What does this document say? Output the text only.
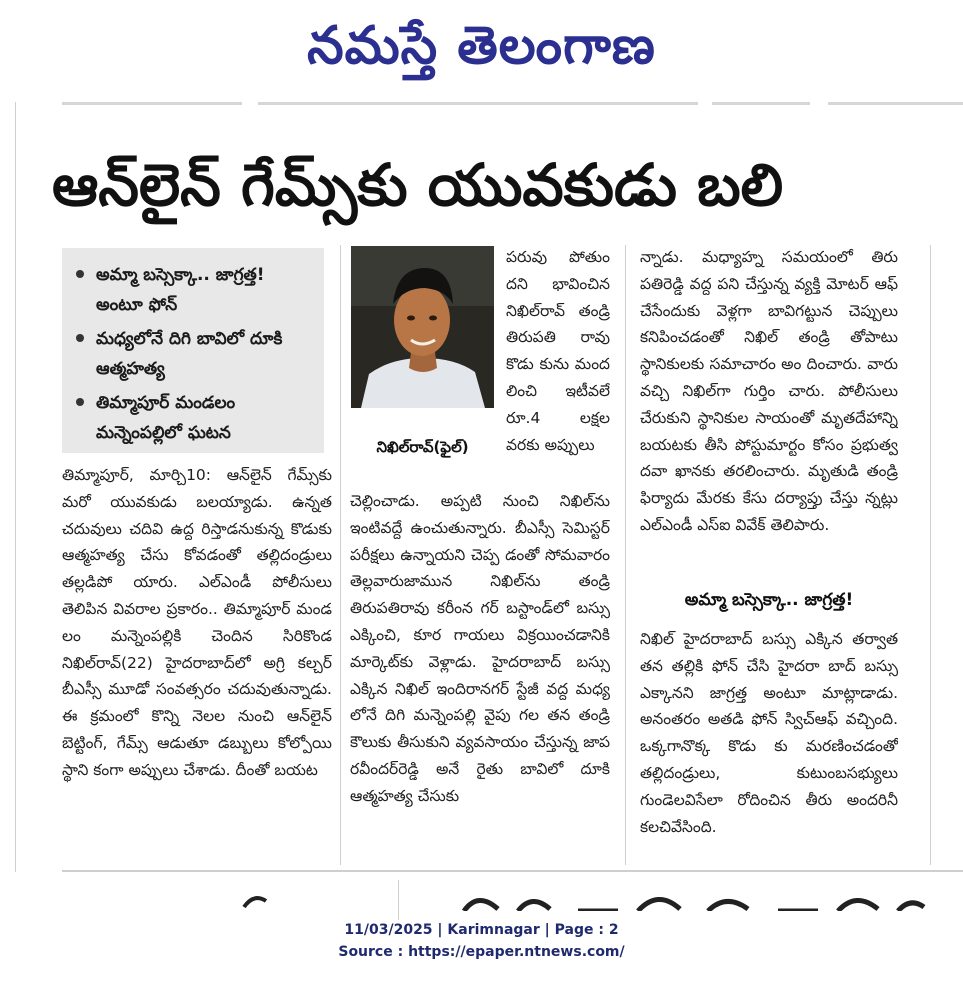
నమస్తే తెలంగాణ
ఆన్‌లైన్ గేమ్స్‌కు యువకుడు బలి
అమ్మా బస్సెక్కా.. జాగ్రత్త! అంటూ ఫోన్
మధ్యలోనే దిగి బావిలో దూకి ఆత్మహత్య
తిమ్మాపూర్ మండలం మన్నెంపల్లిలో ఘటన
నిఖిల్‌రావ్(ఫైల్)

తిమ్మాపూర్, మార్చి10: ఆన్‌లైన్ గేమ్స్‌కు మరో యువకుడు బలయ్యాడు. ఉన్నత చదువులు చదివి ఉద్ద రిస్తాడనుకున్న కొడుకు ఆత్మహత్య చేసు కోవడంతో తల్లిదండ్రులు తల్లడిపో యారు. ఎల్ఎండీ పోలీసులు తెలిపిన వివరాల ప్రకారం.. తిమ్మాపూర్ మండ లం మన్నెంపల్లికి చెందిన సిరికొండ నిఖిల్‌రావ్(22) హైదరాబాద్‌లో అగ్రి కల్చర్ బీఎస్సీ మూడో సంవత్సరం చదువుతున్నాడు. ఈ క్రమంలో కొన్ని నెలల నుంచి ఆన్‌లైన్ బెట్టింగ్, గేమ్స్ ఆడుతూ డబ్బులు కోల్పోయి స్థాని కంగా అప్పులు చేశాడు. దీంతో బయట

పరువు పోతుం దని భావించిన నిఖిల్‌రావ్ తండ్రి తిరుపతి రావు కొడు కును మంద లించి ఇటీవలే రూ.4 లక్షల వరకు అప్పులు

చెల్లించాడు. అప్పటి నుంచి నిఖిల్‌ను ఇంటివద్దే ఉంచుతున్నారు. బీఎస్సీ సెమిస్టర్ పరీక్షలు ఉన్నాయని చెప్ప డంతో సోమవారం తెల్లవారుజామున నిఖిల్‌ను తండ్రి తిరుపతిరావు కరీంన గర్ బస్టాండ్‌లో బస్సు ఎక్కించి, కూర గాయలు విక్రయించడానికి మార్కెట్‌కు వెళ్లాడు. హైదరాబాద్ బస్సు ఎక్కిన నిఖిల్ ఇందిరానగర్ స్టేజీ వద్ద మధ్య లోనే దిగి మన్నెంపల్లి వైపు గల తన తండ్రి కౌలుకు తీసుకుని వ్యవసాయం చేస్తున్న జాప రవీందర్‌రెడ్డి అనే రైతు బావిలో దూకి ఆత్మహత్య చేసుకు

న్నాడు. మధ్యాహ్న సమయంలో తిరు పతిరెడ్డి వద్ద పని చేస్తున్న వ్యక్తి మోటర్ ఆఫ్ చేసేందుకు వెళ్లగా బావిగట్టున చెప్పులు కనిపించడంతో నిఖిల్ తండ్రి తోపాటు స్థానికులకు సమాచారం అం దించారు. వారు వచ్చి నిఖిల్‌గా గుర్తిం చారు. పోలీసులు చేరుకుని స్థానికుల సాయంతో మృతదేహాన్ని బయటకు తీసి పోస్టుమార్టం కోసం ప్రభుత్వ దవా ఖానకు తరలించారు. మృతుడి తండ్రి ఫిర్యాదు మేరకు కేసు దర్యాప్తు చేస్తు న్నట్లు ఎల్ఎండీ ఎస్ఐ వివేక్ తెలిపారు.

అమ్మా బస్సెక్కా.. జాగ్రత్త!

నిఖిల్ హైదరాబాద్ బస్సు ఎక్కిన తర్వాత తన తల్లికి ఫోన్ చేసి హైదరా బాద్ బస్సు ఎక్కానని జాగ్రత్త అంటూ మాట్లాడాడు. అనంతరం అతడి ఫోన్ స్విచ్‌ఆఫ్ వచ్చింది. ఒక్కగానొక్క కొడు కు మరణించడంతో తల్లిదండ్రులు, కుటుంబసభ్యులు గుండెలవిసేలా రోదించిన తీరు అందరినీ కలచివేసింది.

11/03/2025 | Karimnagar | Page : 2
Source : https://epaper.ntnews.com/
